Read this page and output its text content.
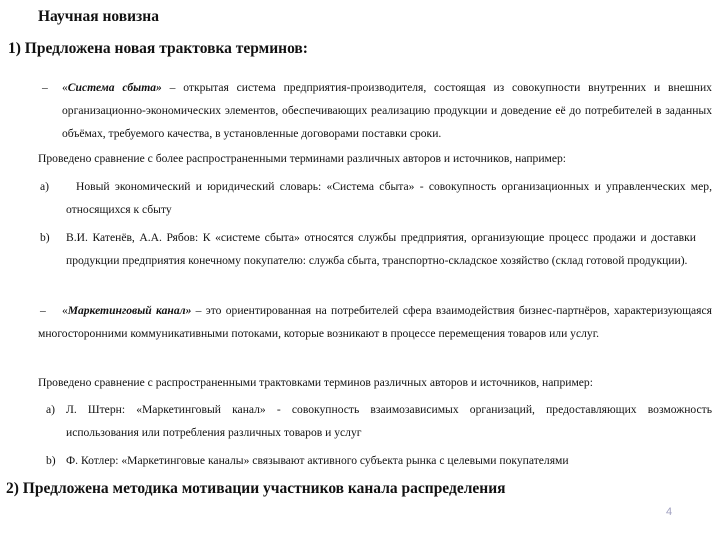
Научная новизна
1) Предложена новая трактовка терминов:
– «Система сбыта» – открытая система предприятия-производителя, состоящая из совокупности внутренних и внешних организационно-экономических элементов, обеспечивающих реализацию продукции и доведение её до потребителей в заданных объёмах, требуемого качества, в установленные договорами поставки сроки.
Проведено сравнение с более распространенными терминами различных авторов и источников, например:
a)	Новый экономический и юридический словарь: «Система сбыта» - совокупность организационных и управленческих мер, относящихся к сбыту
b) В.И. Катенёв, А.А. Рябов: К «системе сбыта» относятся службы предприятия, организующие процесс продажи и доставки продукции предприятия конечному покупателю: служба сбыта, транспортно-складское хозяйство (склад готовой продукции).
–	«Маркетинговый канал» – это ориентированная на потребителей сфера взаимодействия бизнес-партнёров, характеризующаяся многосторонними коммуникативными потоками, которые возникают в процессе перемещения товаров или услуг.
Проведено сравнение с распространенными трактовками терминов различных авторов и источников, например:
a) Л. Штерн: «Маркетинговый канал» - совокупность взаимозависимых организаций, предоставляющих возможность использования или потребления различных товаров и услуг
b) Ф. Котлер: «Маркетинговые каналы» связывают активного субъекта рынка с целевыми покупателями
2) Предложена методика мотивации участников канала распределения
4
